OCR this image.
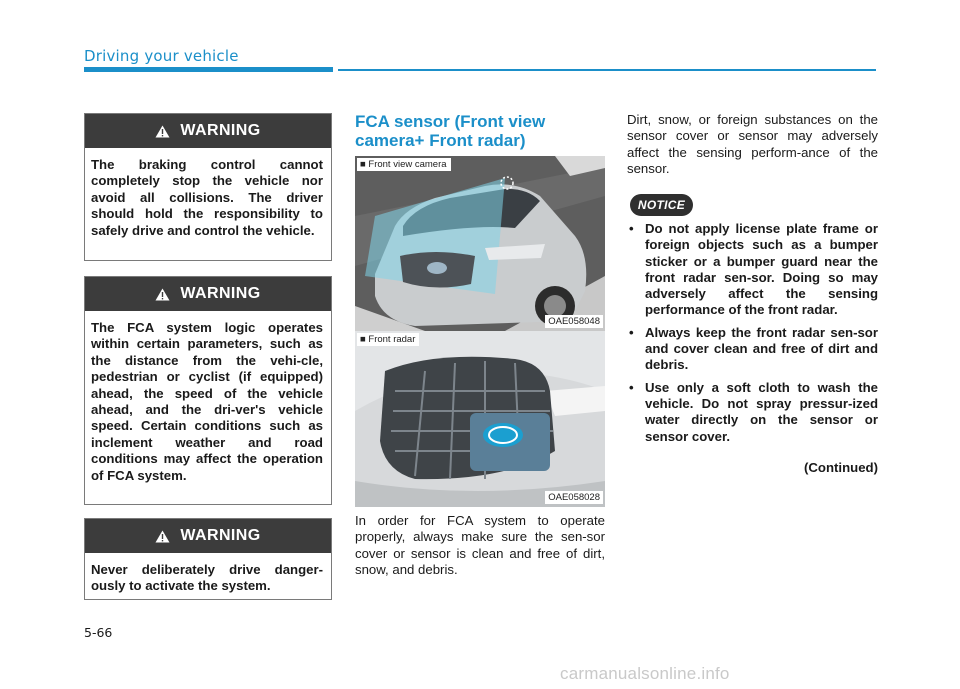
Driving your vehicle
WARNING
The braking control cannot completely stop the vehicle nor avoid all collisions. The driver should hold the responsibility to safely drive and control the vehicle.
WARNING
The FCA system logic operates within certain parameters, such as the distance from the vehi-cle, pedestrian or cyclist (if equipped) ahead, the speed of the vehicle ahead, and the dri-ver's vehicle speed. Certain conditions such as inclement weather and road conditions may affect the operation of FCA system.
WARNING
Never deliberately drive danger-ously to activate the system.
FCA sensor (Front view camera+ Front radar)
■ Front view camera
OAE058048
■ Front radar
OAE058028
In order for FCA system to operate properly, always make sure the sen-sor cover or sensor is clean and free of dirt, snow, and debris.
Dirt, snow, or foreign substances on the sensor cover or sensor may adversely affect the sensing perform-ance of the sensor.
NOTICE
• Do not apply license plate frame or foreign objects such as a bumper sticker or a bumper guard near the front radar sen-sor. Doing so may adversely affect the sensing performance of the front radar.
• Always keep the front radar sen-sor and cover clean and free of dirt and debris.
• Use only a soft cloth to wash the vehicle. Do not spray pressur-ized water directly on the sensor or sensor cover.
(Continued)
5-66
carmanualsonline.info
